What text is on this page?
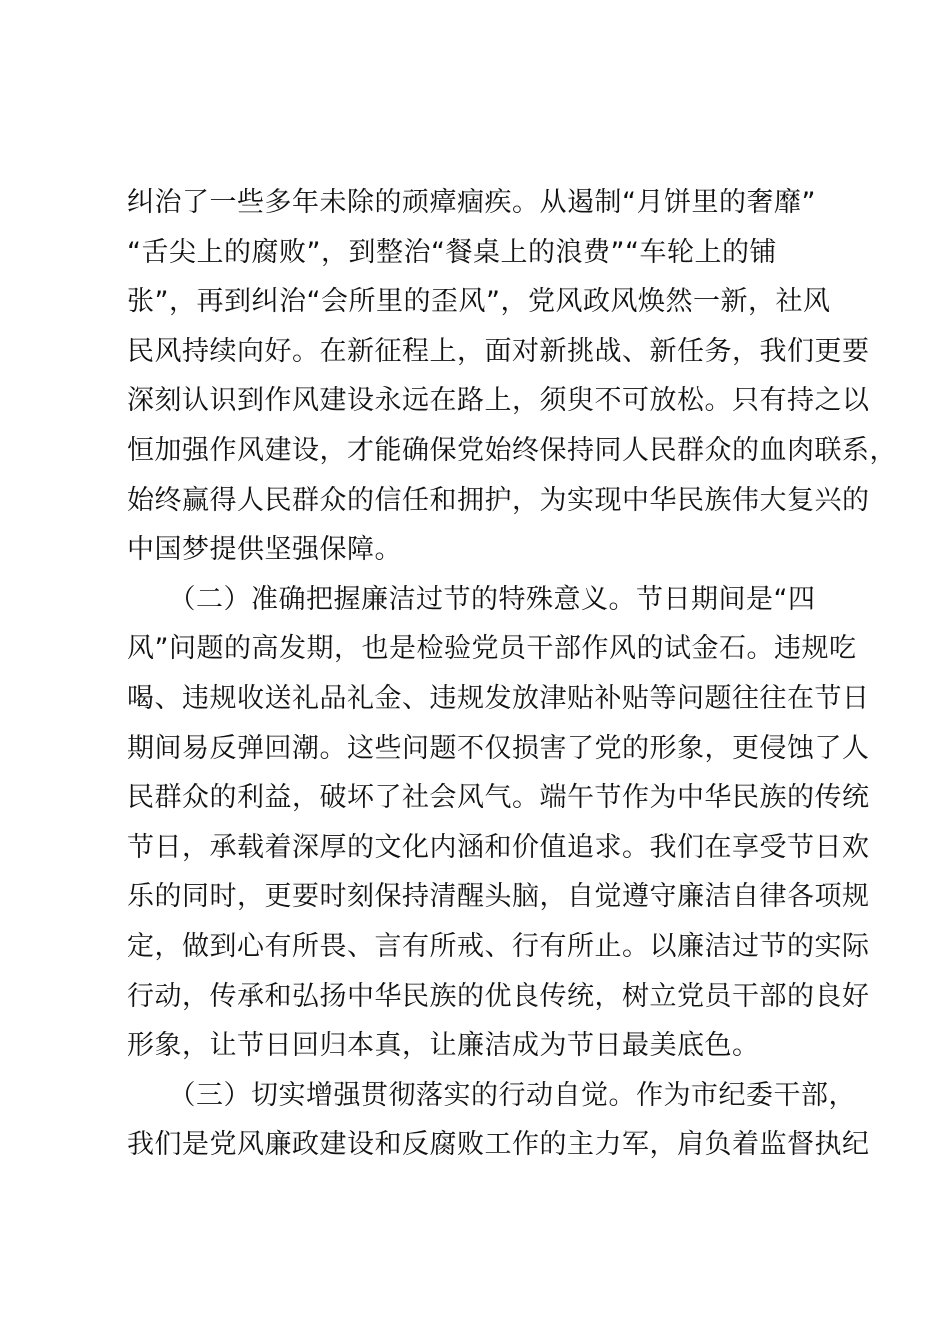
纠治了一些多年未除的顽瘴痼疾。从遏制“月饼里的奢靡”
“舌尖上的腐败”，到整治“餐桌上的浪费”“车轮上的铺
张”，再到纠治“会所里的歪风”，党风政风焕然一新，社风
民风持续向好。在新征程上，面对新挑战、新任务，我们更要
深刻认识到作风建设永远在路上，须臾不可放松。只有持之以
恒加强作风建设，才能确保党始终保持同人民群众的血肉联系，
始终赢得人民群众的信任和拥护，为实现中华民族伟大复兴的
中国梦提供坚强保障。
　　（二）准确把握廉洁过节的特殊意义。节日期间是“四
风”问题的高发期，也是检验党员干部作风的试金石。违规吃
喝、违规收送礼品礼金、违规发放津贴补贴等问题往往在节日
期间易反弹回潮。这些问题不仅损害了党的形象，更侵蚀了人
民群众的利益，破坏了社会风气。端午节作为中华民族的传统
节日，承载着深厚的文化内涵和价值追求。我们在享受节日欢
乐的同时，更要时刻保持清醒头脑，自觉遵守廉洁自律各项规
定，做到心有所畏、言有所戒、行有所止。以廉洁过节的实际
行动，传承和弘扬中华民族的优良传统，树立党员干部的良好
形象，让节日回归本真，让廉洁成为节日最美底色。
　　（三）切实增强贯彻落实的行动自觉。作为市纪委干部，
我们是党风廉政建设和反腐败工作的主力军，肩负着监督执纪
